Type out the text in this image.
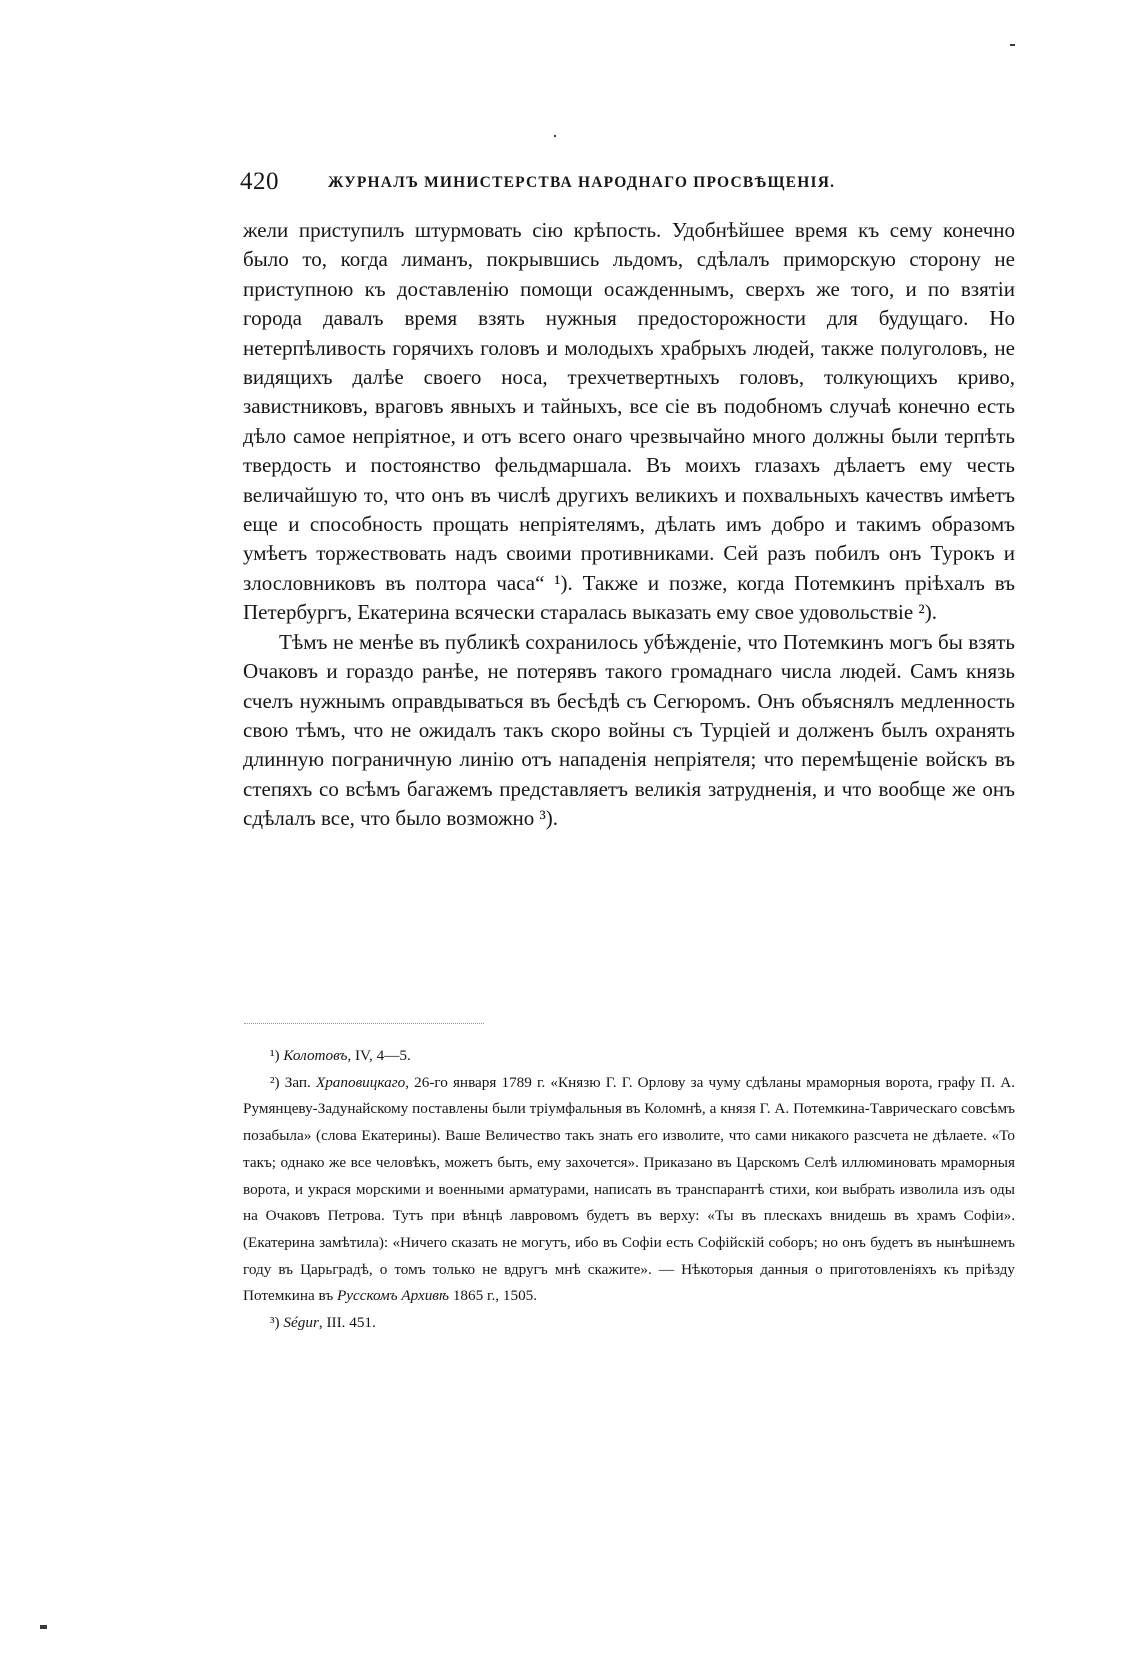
420	ЖУРНАЛЪ МИНИСТЕРСТВА НАРОДНАГО ПРОСВѢЩЕНІЯ.

жели приступилъ штурмовать сію крѣпость. Удобнѣйшее время къ сему конечно было то, когда лиманъ, покрывшись льдомъ, сдѣлалъ приморскую сторону не приступною къ доставленію помощи осажденнымъ, сверхъ же того, и по взятіи города давалъ время взять нужныя предосторожности для будущаго. Но нетерпѣливость горячихъ головъ и молодыхъ храбрыхъ людей, также полуголовъ, не видящихъ далѣе своего носа, трехчетвертныхъ головъ, толкующихъ криво, завистниковъ, враговъ явныхъ и тайныхъ, все сіе въ подобномъ случаѣ конечно есть дѣло самое непріятное, и отъ всего онаго чрезвычайно много должны были терпѣть твердость и постоянство фельдмаршала. Въ моихъ глазахъ дѣлаетъ ему честь величайшую то, что онъ въ числѣ другихъ великихъ и похвальныхъ качествъ имѣетъ еще и способность прощать непріятелямъ, дѣлать имъ добро и такимъ образомъ умѣетъ торжествовать надъ своими противниками. Сей разъ побилъ онъ Турокъ и злословниковъ въ полтора часа“ ¹). Также и позже, когда Потемкинъ пріѣхалъ въ Петербургъ, Екатерина всячески старалась выказать ему свое удовольствіе ²).

Тѣмъ не менѣе въ публикѣ сохранилось убѣжденіе, что Потемкинъ могъ бы взять Очаковъ и гораздо ранѣе, не потерявъ такого громаднаго числа людей. Самъ князь счелъ нужнымъ оправдываться въ бесѣдѣ съ Сегюромъ. Онъ объяснялъ медленность свою тѣмъ, что не ожидалъ такъ скоро войны съ Турціей и долженъ былъ охранять длинную пограничную линію отъ нападенія непріятеля; что перемѣщеніе войскъ въ степяхъ со всѣмъ багажемъ представляетъ великія затрудненія, и что вообще же онъ сдѣлалъ все, что было возможно ³).

¹) Колотовъ, IV, 4—5.

²) Зап. Храповицкаго, 26-го января 1789 г. «Князю Г. Г. Орлову за чуму сдѣланы мраморныя ворота, графу П. А. Румянцеву-Задунайскому поставлены были тріумфальныя въ Коломнѣ, а князя Г. А. Потемкина-Таврическаго совсѣмъ позабыла» (слова Екатерины). Ваше Величество такъ знать его изволите, что сами никакого разсчета не дѣлаете. «То такъ; однако же все человѣкъ, можетъ быть, ему захочется». Приказано въ Царскомъ Селѣ иллюминовать мраморныя ворота, и украся морскими и военными арматурами, написать въ транспарантѣ стихи, кои выбрать изволила изъ оды на Очаковъ Петрова. Тутъ при вѣнцѣ лавровомъ будетъ въ верху: «Ты въ плескахъ внидешь въ храмъ Софіи». (Екатерина замѣтила): «Ничего сказать не могутъ, ибо въ Софіи есть Софійскій соборъ; но онъ будетъ въ нынѣшнемъ году въ Царьградѣ, о томъ только не вдругъ мнѣ скажите». — Нѣкоторыя данныя о приготовленіяхъ къ пріѣзду Потемкина въ Русскомъ Архивѣ 1865 г., 1505.

³) Ségur, III. 451.
